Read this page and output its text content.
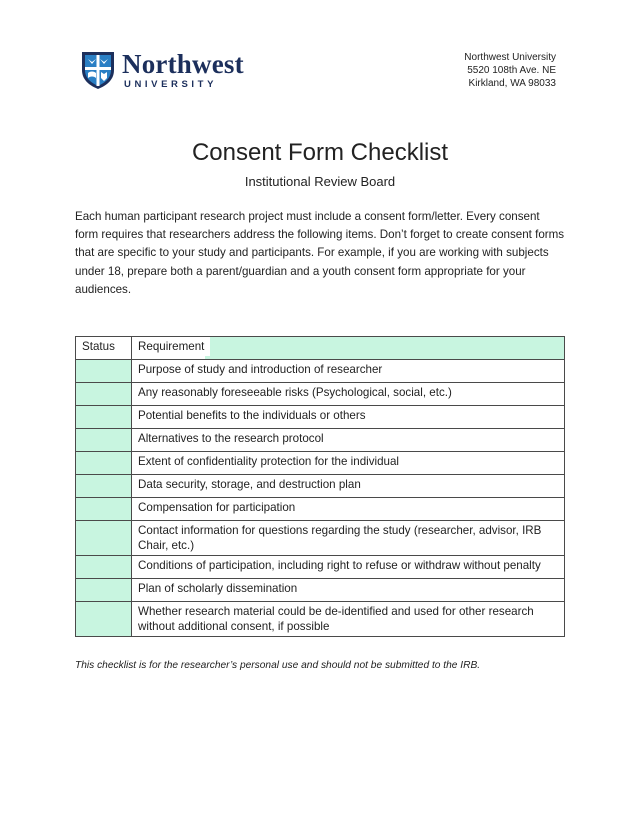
Northwest
UNIVERSITY
Northwest University
5520 108th Ave. NE
Kirkland, WA 98033
Consent Form Checklist
Institutional Review Board
Each human participant research project must include a consent form/letter. Every consent form requires that researchers address the following items. Don’t forget to create consent forms that are specific to your study and participants. For example, if you are working with subjects under 18, prepare both a parent/guardian and a youth consent form appropriate for your audiences.
Status	Requirement
	Purpose of study and introduction of researcher
	Any reasonably foreseeable risks (Psychological, social, etc.)
	Potential benefits to the individuals or others
	Alternatives to the research protocol
	Extent of confidentiality protection for the individual
	Data security, storage, and destruction plan
	Compensation for participation
	Contact information for questions regarding the study (researcher, advisor, IRB Chair, etc.)
	Conditions of participation, including right to refuse or withdraw without penalty
	Plan of scholarly dissemination
	Whether research material could be de-identified and used for other research without additional consent, if possible
This checklist is for the researcher’s personal use and should not be submitted to the IRB.
